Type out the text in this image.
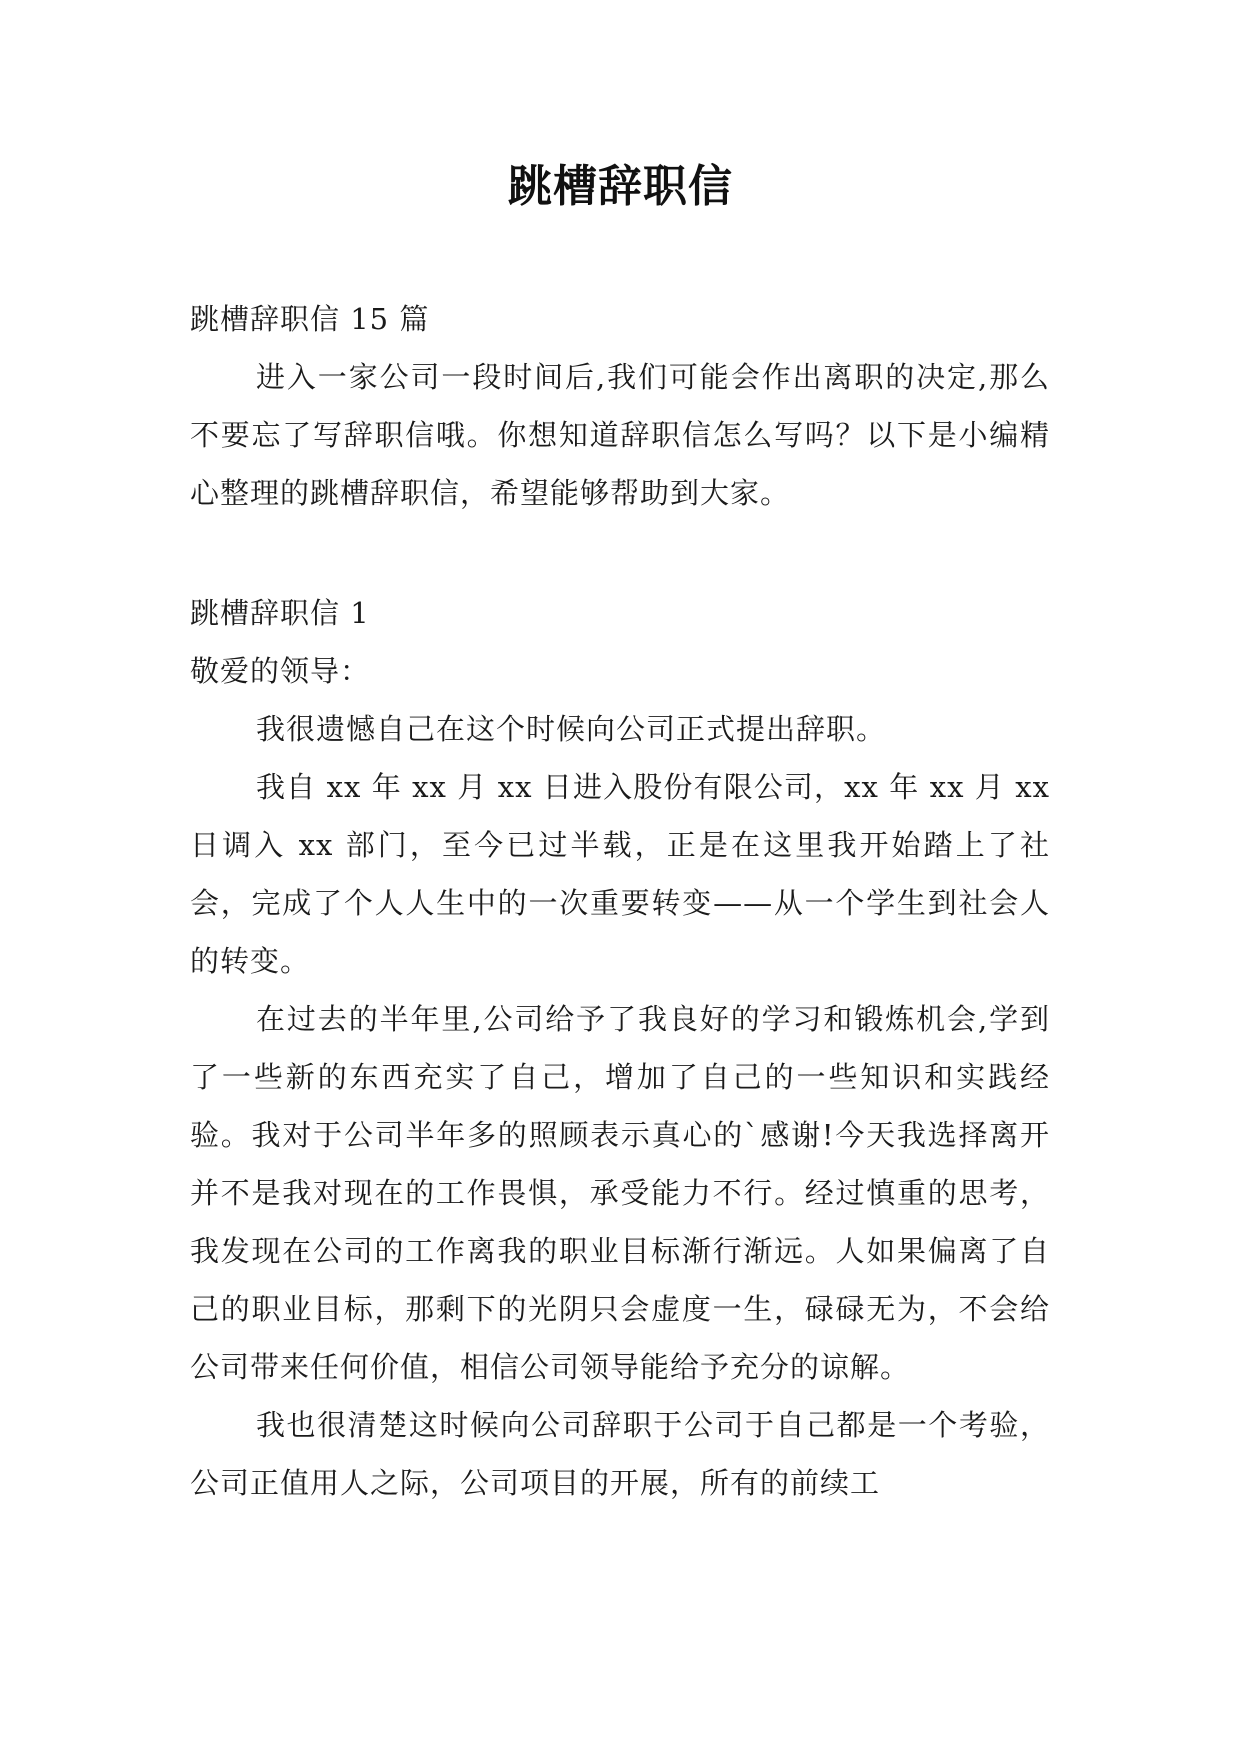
跳槽辞职信

跳槽辞职信 15 篇

进入一家公司一段时间后,我们可能会作出离职的决定,那么不要忘了写辞职信哦。你想知道辞职信怎么写吗？以下是小编精心整理的跳槽辞职信，希望能够帮助到大家。

跳槽辞职信 1

敬爱的领导：

我很遗憾自己在这个时候向公司正式提出辞职。

我自 xx 年 xx 月 xx 日进入股份有限公司，xx 年 xx 月 xx 日调入 xx 部门，至今已过半载，正是在这里我开始踏上了社会，完成了个人人生中的一次重要转变——从一个学生到社会人的转变。

在过去的半年里,公司给予了我良好的学习和锻炼机会,学到了一些新的东西充实了自己，增加了自己的一些知识和实践经验。我对于公司半年多的照顾表示真心的`感谢!今天我选择离开并不是我对现在的工作畏惧，承受能力不行。经过慎重的思考，我发现在公司的工作离我的职业目标渐行渐远。人如果偏离了自己的职业目标，那剩下的光阴只会虚度一生，碌碌无为，不会给公司带来任何价值，相信公司领导能给予充分的谅解。

我也很清楚这时候向公司辞职于公司于自己都是一个考验，公司正值用人之际，公司项目的开展，所有的前续工
